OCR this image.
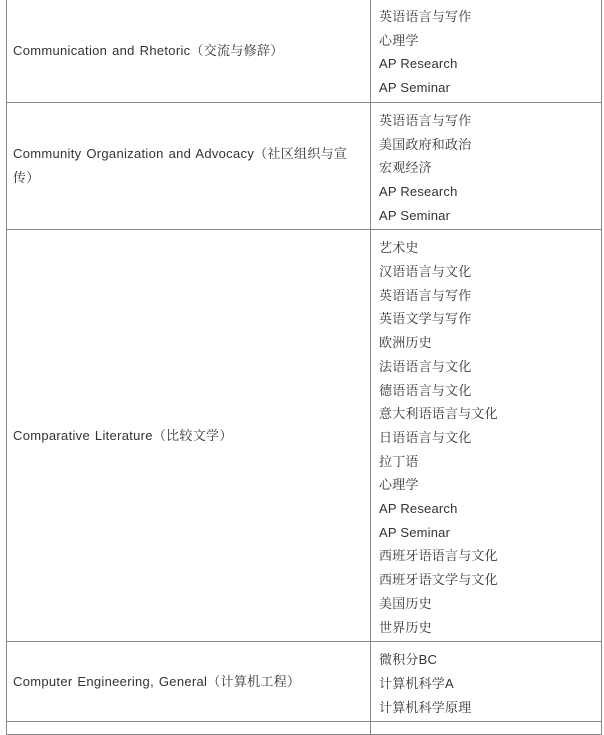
Communication and Rhetoric（交流与修辞）
英语语言与写作
心理学
AP Research
AP Seminar
Community Organization and Advocacy（社区组织与宣传）
英语语言与写作
美国政府和政治
宏观经济
AP Research
AP Seminar
Comparative Literature（比较文学）
艺术史
汉语语言与文化
英语语言与写作
英语文学与写作
欧洲历史
法语语言与文化
德语语言与文化
意大利语语言与文化
日语语言与文化
拉丁语
心理学
AP Research
AP Seminar
西班牙语语言与文化
西班牙语文学与文化
美国历史
世界历史
Computer Engineering, General（计算机工程）
微积分BC
计算机科学A
计算机科学原理
